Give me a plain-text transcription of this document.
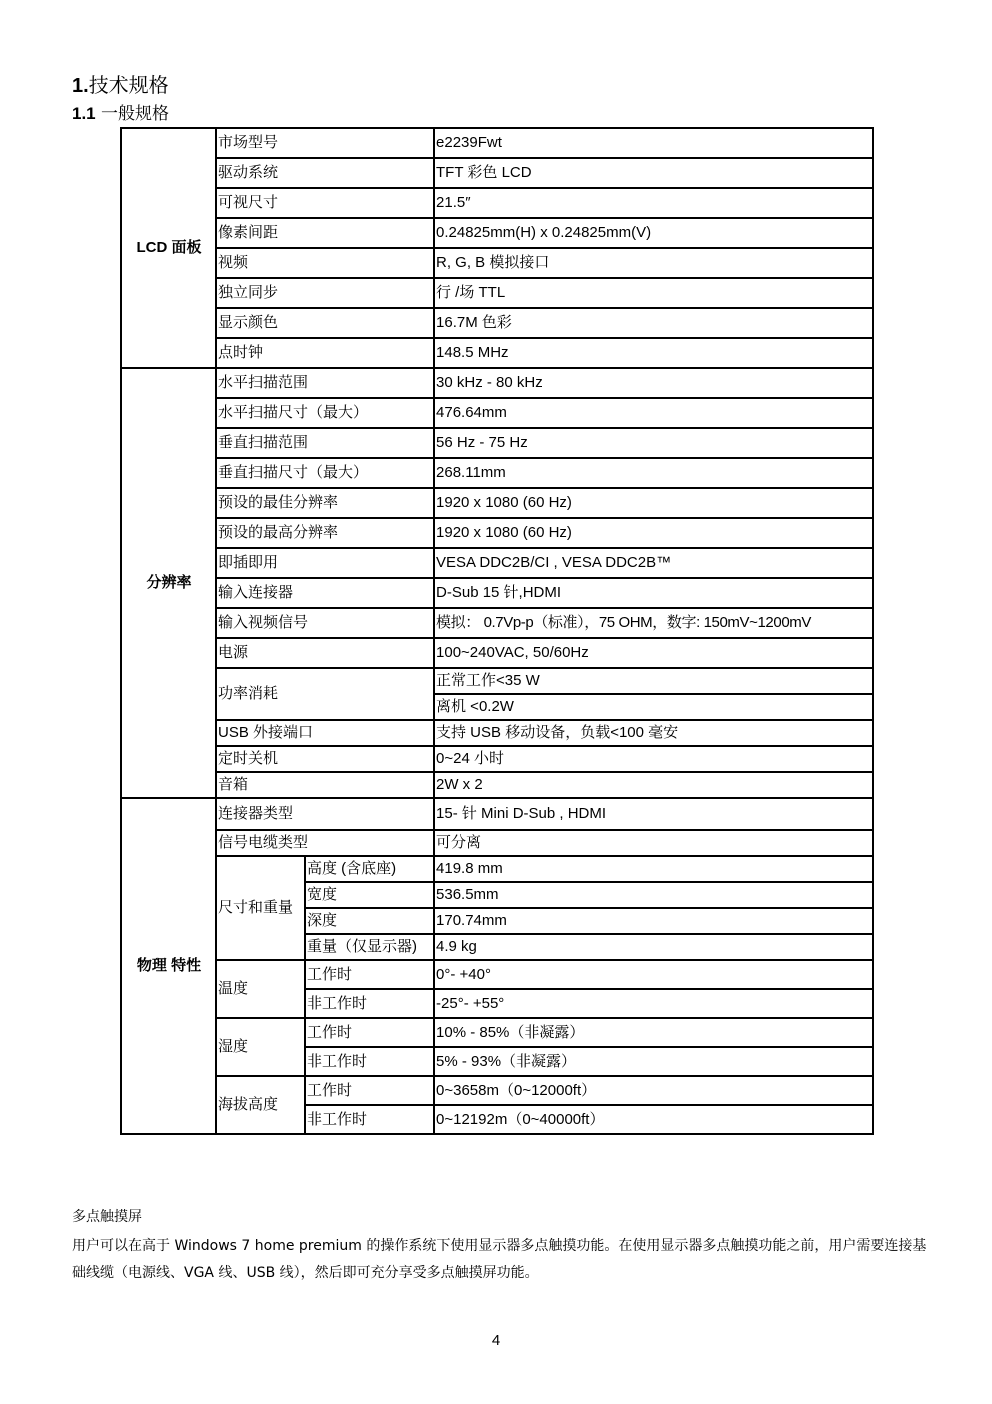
1.技术规格
1.1 一般规格
LCD 面板	市场型号		e2239Fwt
	驱动系统		TFT 彩色 LCD
	可视尺寸		21.5″
	像素间距		0.24825mm(H) x 0.24825mm(V)
	视频		R, G, B 模拟接口
	独立同步		行 /场 TTL
	显示颜色		16.7M 色彩
	点时钟		148.5 MHz
分辨率	水平扫描范围		30 kHz - 80 kHz
	水平扫描尺寸（最大）		476.64mm
	垂直扫描范围		56 Hz - 75 Hz
	垂直扫描尺寸（最大）		268.11mm
	预设的最佳分辨率		1920 x 1080 (60 Hz)
	预设的最高分辨率		1920 x 1080 (60 Hz)
	即插即用		VESA DDC2B/CI , VESA DDC2B™
	输入连接器		D-Sub 15 针,HDMI
	输入视频信号		模拟： 0.7Vp-p（标准），75 OHM，数字: 150mV~1200mV
	电源		100~240VAC, 50/60Hz
	功率消耗		正常工作<35 W
			离机 <0.2W
	USB 外接端口		支持 USB 移动设备，负载<100 毫安
	定时关机		0~24 小时
	音箱		2W x 2
物理 特性	连接器类型		15- 针 Mini D-Sub , HDMI
	信号电缆类型		可分离
	尺寸和重量	高度 (含底座)	419.8 mm
		宽度	536.5mm
		深度	170.74mm
		重量（仅显示器)	4.9 kg
	温度	工作时	0°- +40°
		非工作时	-25°- +55°
	湿度	工作时	10% - 85%（非凝露）
		非工作时	5% - 93%（非凝露）
	海拔高度	工作时	0~3658m（0~12000ft）
		非工作时	0~12192m（0~40000ft）
多点触摸屏
用户可以在高于 Windows 7 home premium 的操作系统下使用显示器多点触摸功能。在使用显示器多点触摸功能之前，用户需要连接基础线缆（电源线、VGA 线、USB 线），然后即可充分享受多点触摸屏功能。
4
